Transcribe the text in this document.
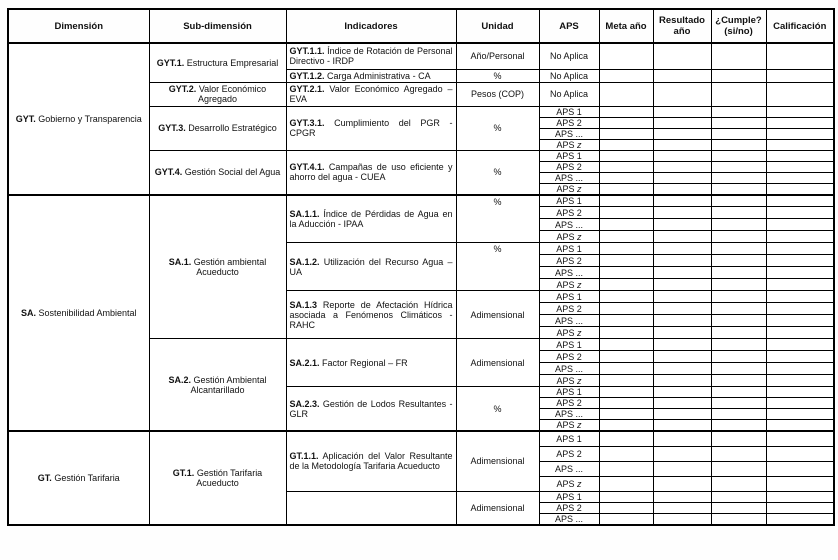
Dimensión	Sub-dimensión	Indicadores	Unidad	APS	Meta año	Resultado año	¿Cumple? (si/no)	Calificación
GYT. Gobierno y Transparencia	GYT.1. Estructura Empresarial	GYT.1.1. Índice de Rotación de Personal Directivo - IRDP	Año/Personal	No Aplica				
		GYT.1.2. Carga Administrativa - CA	%	No Aplica				
	GYT.2. Valor Económico Agregado	GYT.2.1. Valor Económico Agregado – EVA	Pesos (COP)	No Aplica				
	GYT.3. Desarrollo Estratégico	GYT.3.1. Cumplimiento del PGR - CPGR	%	APS 1				
				APS 2				
				APS ...				
				APS z				
	GYT.4. Gestión Social del Agua	GYT.4.1. Campañas de uso eficiente y ahorro del agua - CUEA	%	APS 1				
				APS 2				
				APS ...				
				APS z				
SA. Sostenibilidad Ambiental	SA.1. Gestión ambiental Acueducto	SA.1.1. Índice de Pérdidas de Agua en la Aducción - IPAA	%	APS 1				
				APS 2				
				APS ...				
				APS z				
		SA.1.2. Utilización del Recurso Agua – UA	%	APS 1				
				APS 2				
				APS ...				
				APS z				
		SA.1.3 Reporte de Afectación Hídrica asociada a Fenómenos Climáticos - RAHC	Adimensional	APS 1				
				APS 2				
				APS ...				
				APS z				
	SA.2. Gestión Ambiental Alcantarillado	SA.2.1. Factor Regional – FR	Adimensional	APS 1				
				APS 2				
				APS ...				
				APS z				
		SA.2.3. Gestión de Lodos Resultantes - GLR	%	APS 1				
				APS 2				
				APS ...				
				APS z				
GT. Gestión Tarifaria	GT.1. Gestión Tarifaria Acueducto	GT.1.1. Aplicación del Valor Resultante de la Metodología Tarifaria Acueducto	Adimensional	APS 1				
				APS 2				
				APS ...				
				APS z				
			Adimensional	APS 1				
				APS 2				
				APS ...				
